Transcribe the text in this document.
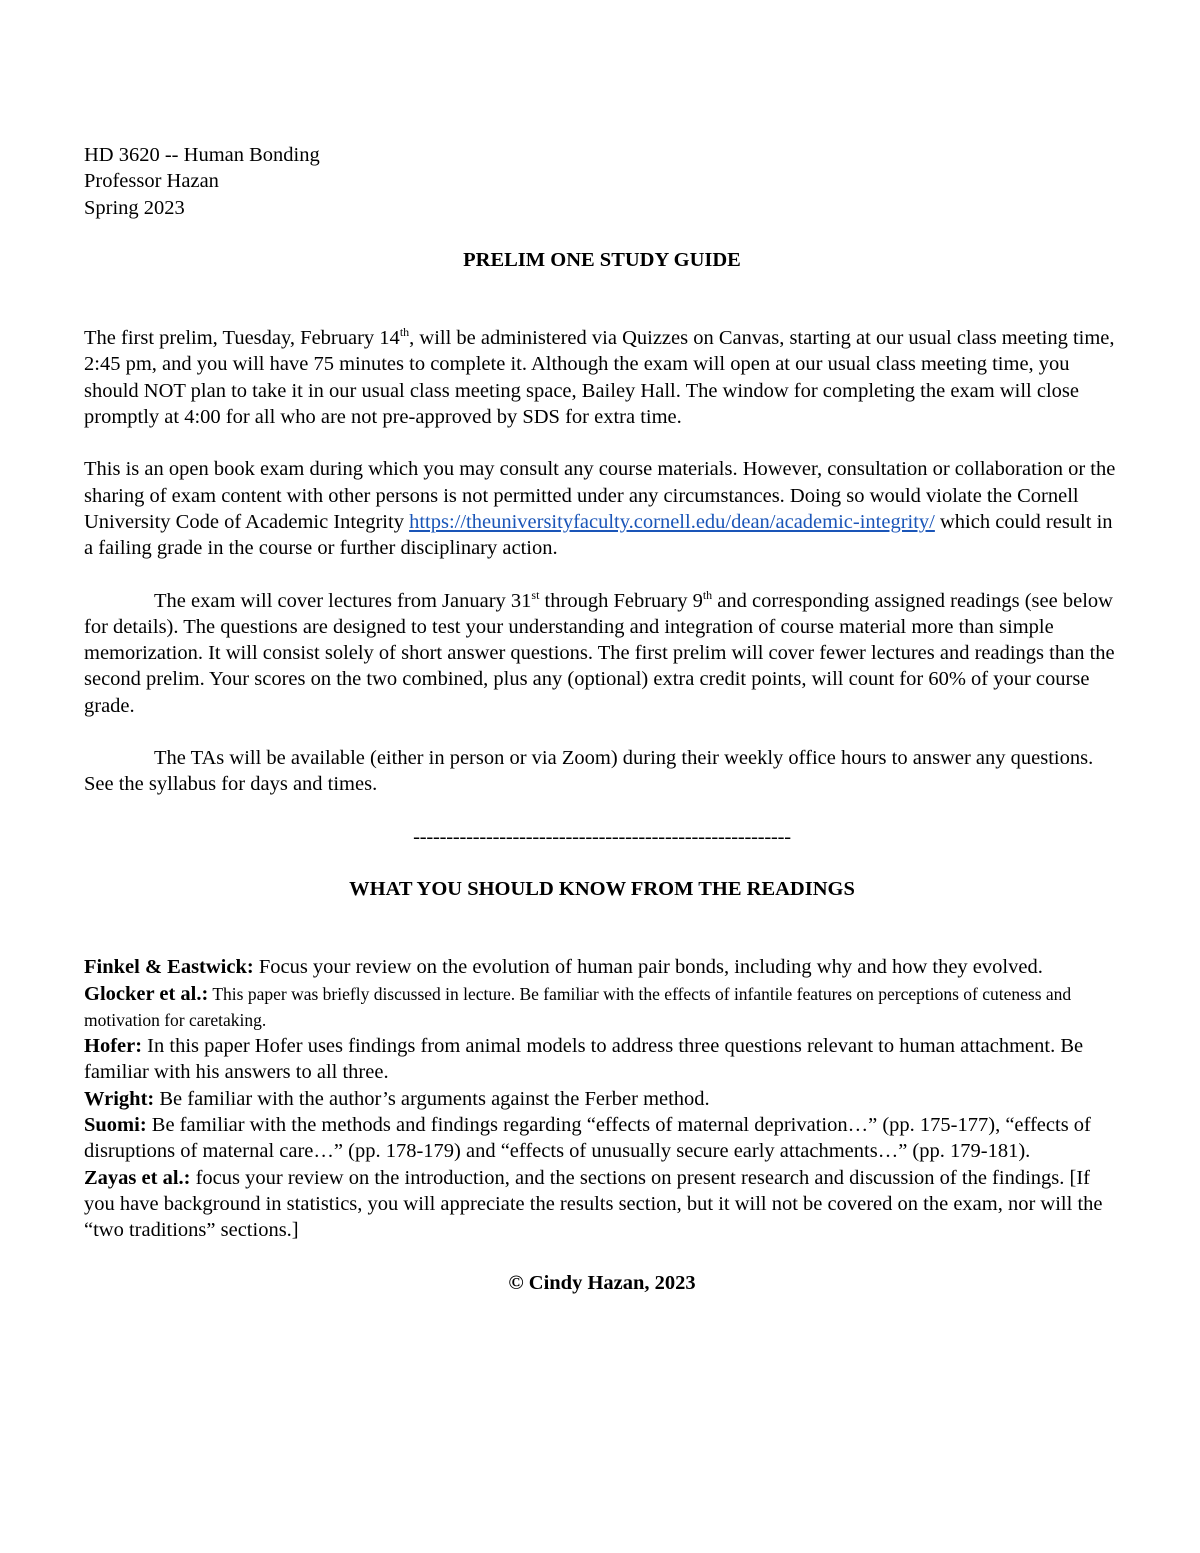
HD 3620 -- Human Bonding
Professor Hazan
Spring 2023
PRELIM ONE STUDY GUIDE

The first prelim, Tuesday, February 14th, will be administered via Quizzes on Canvas, starting at our usual class meeting time, 2:45 pm, and you will have 75 minutes to complete it. Although the exam will open at our usual class meeting time, you should NOT plan to take it in our usual class meeting space, Bailey Hall. The window for completing the exam will close promptly at 4:00 for all who are not pre-approved by SDS for extra time.

This is an open book exam during which you may consult any course materials. However, consultation or collaboration or the sharing of exam content with other persons is not permitted under any circumstances. Doing so would violate the Cornell University Code of Academic Integrity https://theuniversityfaculty.cornell.edu/dean/academic-integrity/ which could result in a failing grade in the course or further disciplinary action.

The exam will cover lectures from January 31st through February 9th and corresponding assigned readings (see below for details). The questions are designed to test your understanding and integration of course material more than simple memorization. It will consist solely of short answer questions. The first prelim will cover fewer lectures and readings than the second prelim. Your scores on the two combined, plus any (optional) extra credit points, will count for 60% of your course grade.

The TAs will be available (either in person or via Zoom) during their weekly office hours to answer any questions. See the syllabus for days and times.

---------------------------------------------------------
WHAT YOU SHOULD KNOW FROM THE READINGS

Finkel & Eastwick: Focus your review on the evolution of human pair bonds, including why and how they evolved.

Glocker et al.: This paper was briefly discussed in lecture. Be familiar with the effects of infantile features on perceptions of cuteness and motivation for caretaking.

Hofer: In this paper Hofer uses findings from animal models to address three questions relevant to human attachment. Be familiar with his answers to all three.

Wright: Be familiar with the author’s arguments against the Ferber method.

Suomi: Be familiar with the methods and findings regarding “effects of maternal deprivation…” (pp. 175-177), “effects of disruptions of maternal care…” (pp. 178-179) and “effects of unusually secure early attachments…” (pp. 179-181).

Zayas et al.: focus your review on the introduction, and the sections on present research and discussion of the findings. [If you have background in statistics, you will appreciate the results section, but it will not be covered on the exam, nor will the “two traditions” sections.]

© Cindy Hazan, 2023
